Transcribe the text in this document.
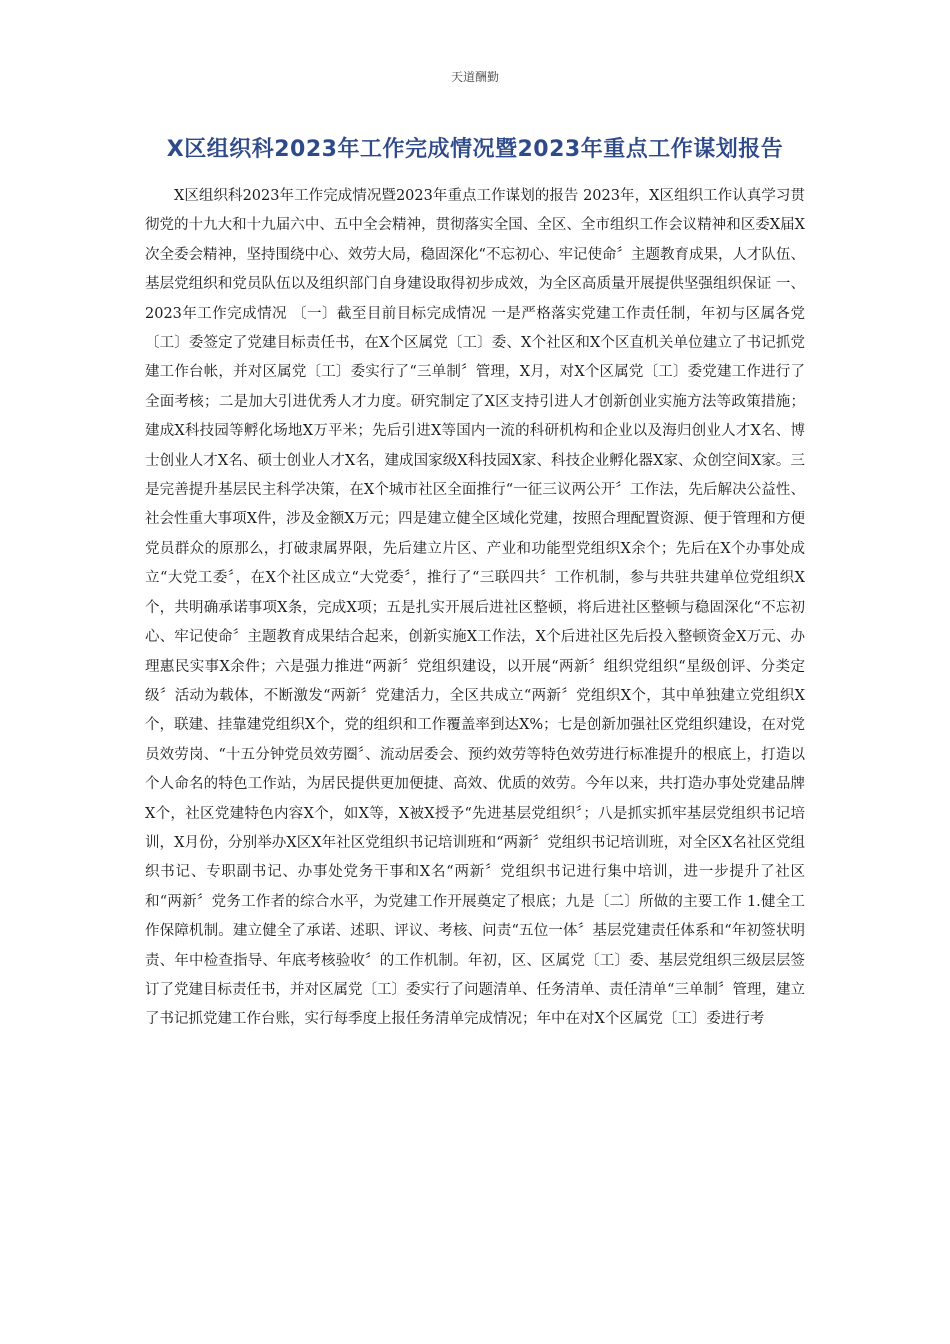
天道酬勤
X区组织科2023年工作完成情况暨2023年重点工作谋划报告
X区组织科2023年工作完成情况暨2023年重点工作谋划的报告 2023年，X区组织工作认真学习贯彻党的十九大和十九届六中、五中全会精神，贯彻落实全国、全区、全市组织工作会议精神和区委X届X次全委会精神，坚持围绕中心、效劳大局，稳固深化“不忘初心、牢记使命〞主题教育成果，人才队伍、基层党组织和党员队伍以及组织部门自身建设取得初步成效，为全区高质量开展提供坚强组织保证 一、2023年工作完成情况 〔一〕截至目前目标完成情况 一是严格落实党建工作责任制，年初与区属各党〔工〕委签定了党建目标责任书，在X个区属党〔工〕委、X个社区和X个区直机关单位建立了书记抓党建工作台帐，并对区属党〔工〕委实行了“三单制〞管理，X月，对X个区属党〔工〕委党建工作进行了全面考核；二是加大引进优秀人才力度。研究制定了X区支持引进人才创新创业实施方法等政策措施；建成X科技园等孵化场地X万平米；先后引进X等国内一流的科研机构和企业以及海归创业人才X名、博士创业人才X名、硕士创业人才X名，建成国家级X科技园X家、科技企业孵化器X家、众创空间X家。三是完善提升基层民主科学决策，在X个城市社区全面推行“一征三议两公开〞工作法，先后解决公益性、社会性重大事项X件，涉及金额X万元；四是建立健全区域化党建，按照合理配置资源、便于管理和方便党员群众的原那么，打破隶属界限，先后建立片区、产业和功能型党组织X余个；先后在X个办事处成立“大党工委〞，在X个社区成立“大党委〞，推行了“三联四共〞工作机制，参与共驻共建单位党组织X个，共明确承诺事项X条，完成X项；五是扎实开展后进社区整顿，将后进社区整顿与稳固深化“不忘初心、牢记使命〞主题教育成果结合起来，创新实施X工作法，X个后进社区先后投入整顿资金X万元、办理惠民实事X余件；六是强力推进“两新〞党组织建设，以开展“两新〞组织党组织“星级创评、分类定级〞活动为载体，不断激发“两新〞党建活力，全区共成立“两新〞党组织X个，其中单独建立党组织X个，联建、挂靠建党组织X个，党的组织和工作覆盖率到达X%；七是创新加强社区党组织建设，在对党员效劳岗、“十五分钟党员效劳圈〞、流动居委会、预约效劳等特色效劳进行标准提升的根底上，打造以个人命名的特色工作站，为居民提供更加便捷、高效、优质的效劳。今年以来，共打造办事处党建品牌X个，社区党建特色内容X个，如X等，X被X授予“先进基层党组织〞；八是抓实抓牢基层党组织书记培训，X月份，分别举办X区X年社区党组织书记培训班和“两新〞党组织书记培训班，对全区X名社区党组织书记、专职副书记、办事处党务干事和X名“两新〞党组织书记进行集中培训，进一步提升了社区和“两新〞党务工作者的综合水平，为党建工作开展奠定了根底；九是〔二〕所做的主要工作 1.健全工作保障机制。建立健全了承诺、述职、评议、考核、问责“五位一体〞基层党建责任体系和“年初签状明责、年中检查指导、年底考核验收〞的工作机制。年初，区、区属党〔工〕委、基层党组织三级层层签订了党建目标责任书，并对区属党〔工〕委实行了问题清单、任务清单、责任清单“三单制〞管理，建立了书记抓党建工作台账，实行每季度上报任务清单完成情况；年中在对X个区属党〔工〕委进行考
